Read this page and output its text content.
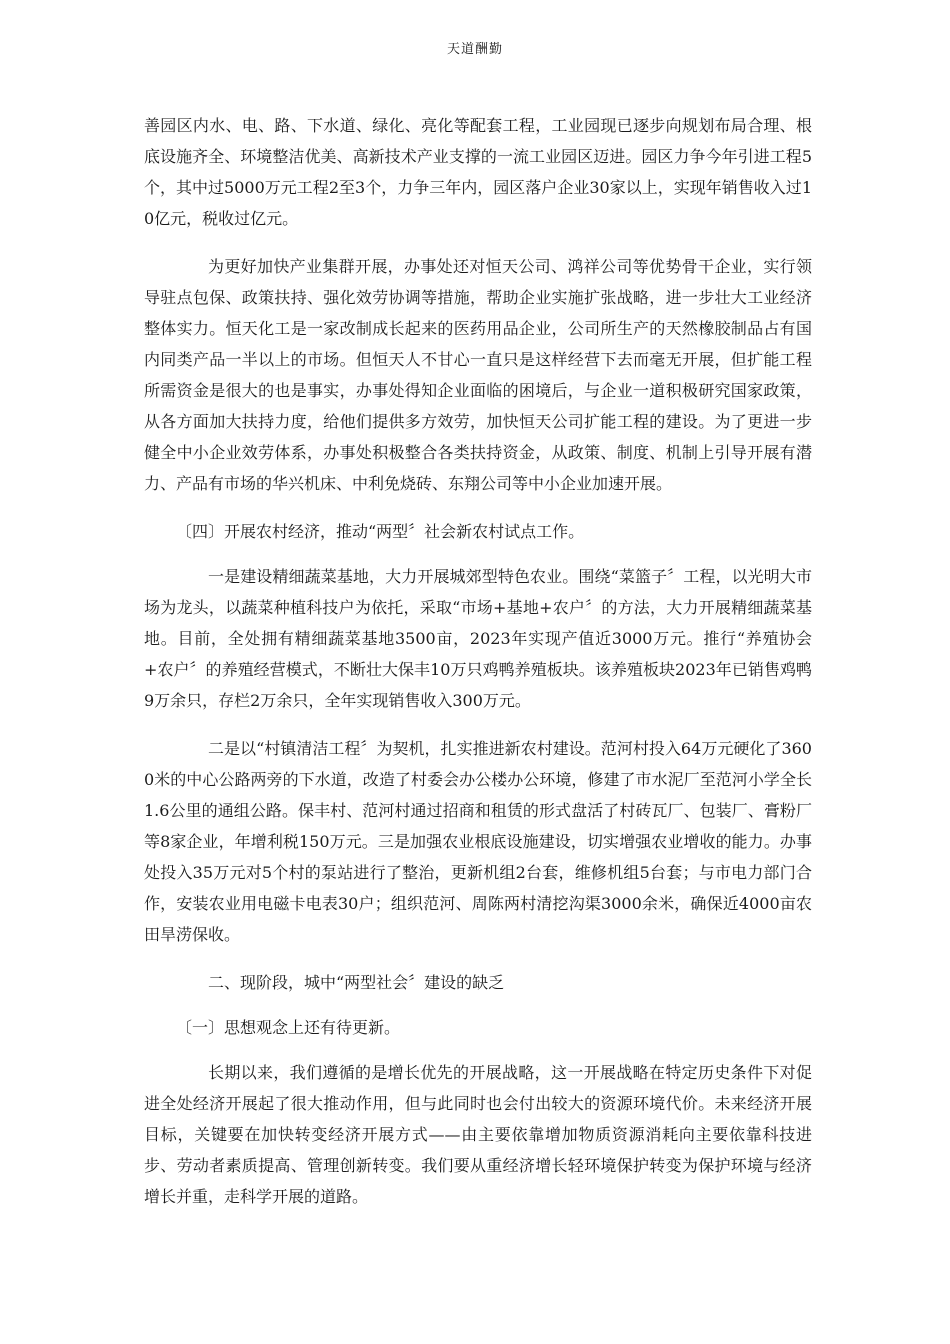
天道酬勤

善园区内水、电、路、下水道、绿化、亮化等配套工程，工业园现已逐步向规划布局合理、根底设施齐全、环境整洁优美、高新技术产业支撑的一流工业园区迈进。园区力争今年引进工程5个，其中过5000万元工程2至3个，力争三年内，园区落户企业30家以上，实现年销售收入过10亿元，税收过亿元。

为更好加快产业集群开展，办事处还对恒天公司、鸿祥公司等优势骨干企业，实行领导驻点包保、政策扶持、强化效劳协调等措施，帮助企业实施扩张战略，进一步壮大工业经济整体实力。恒天化工是一家改制成长起来的医药用品企业，公司所生产的天然橡胶制品占有国内同类产品一半以上的市场。但恒天人不甘心一直只是这样经营下去而毫无开展，但扩能工程所需资金是很大的也是事实，办事处得知企业面临的困境后，与企业一道积极研究国家政策，从各方面加大扶持力度，给他们提供多方效劳，加快恒天公司扩能工程的建设。为了更进一步健全中小企业效劳体系，办事处积极整合各类扶持资金，从政策、制度、机制上引导开展有潜力、产品有市场的华兴机床、中利免烧砖、东翔公司等中小企业加速开展。

〔四〕开展农村经济，推动“两型〞社会新农村试点工作。

一是建设精细蔬菜基地，大力开展城郊型特色农业。围绕“菜篮子〞工程，以光明大市场为龙头，以蔬菜种植科技户为依托，采取“市场+基地+农户〞的方法，大力开展精细蔬菜基地。目前，全处拥有精细蔬菜基地3500亩，2023年实现产值近3000万元。推行“养殖协会+农户〞的养殖经营模式，不断壮大保丰10万只鸡鸭养殖板块。该养殖板块2023年已销售鸡鸭9万余只，存栏2万余只，全年实现销售收入300万元。

二是以“村镇清洁工程〞为契机，扎实推进新农村建设。范河村投入64万元硬化了3600米的中心公路两旁的下水道，改造了村委会办公楼办公环境，修建了市水泥厂至范河小学全长1.6公里的通组公路。保丰村、范河村通过招商和租赁的形式盘活了村砖瓦厂、包装厂、膏粉厂等8家企业，年增利税150万元。三是加强农业根底设施建设，切实增强农业增收的能力。办事处投入35万元对5个村的泵站进行了整治，更新机组2台套，维修机组5台套；与市电力部门合作，安装农业用电磁卡电表30户；组织范河、周陈两村清挖沟渠3000余米，确保近4000亩农田旱涝保收。

二、现阶段，城中“两型社会〞建设的缺乏

〔一〕思想观念上还有待更新。

长期以来，我们遵循的是增长优先的开展战略，这一开展战略在特定历史条件下对促进全处经济开展起了很大推动作用，但与此同时也会付出较大的资源环境代价。未来经济开展目标，关键要在加快转变经济开展方式——由主要依靠增加物质资源消耗向主要依靠科技进步、劳动者素质提高、管理创新转变。我们要从重经济增长轻环境保护转变为保护环境与经济增长并重，走科学开展的道路。
